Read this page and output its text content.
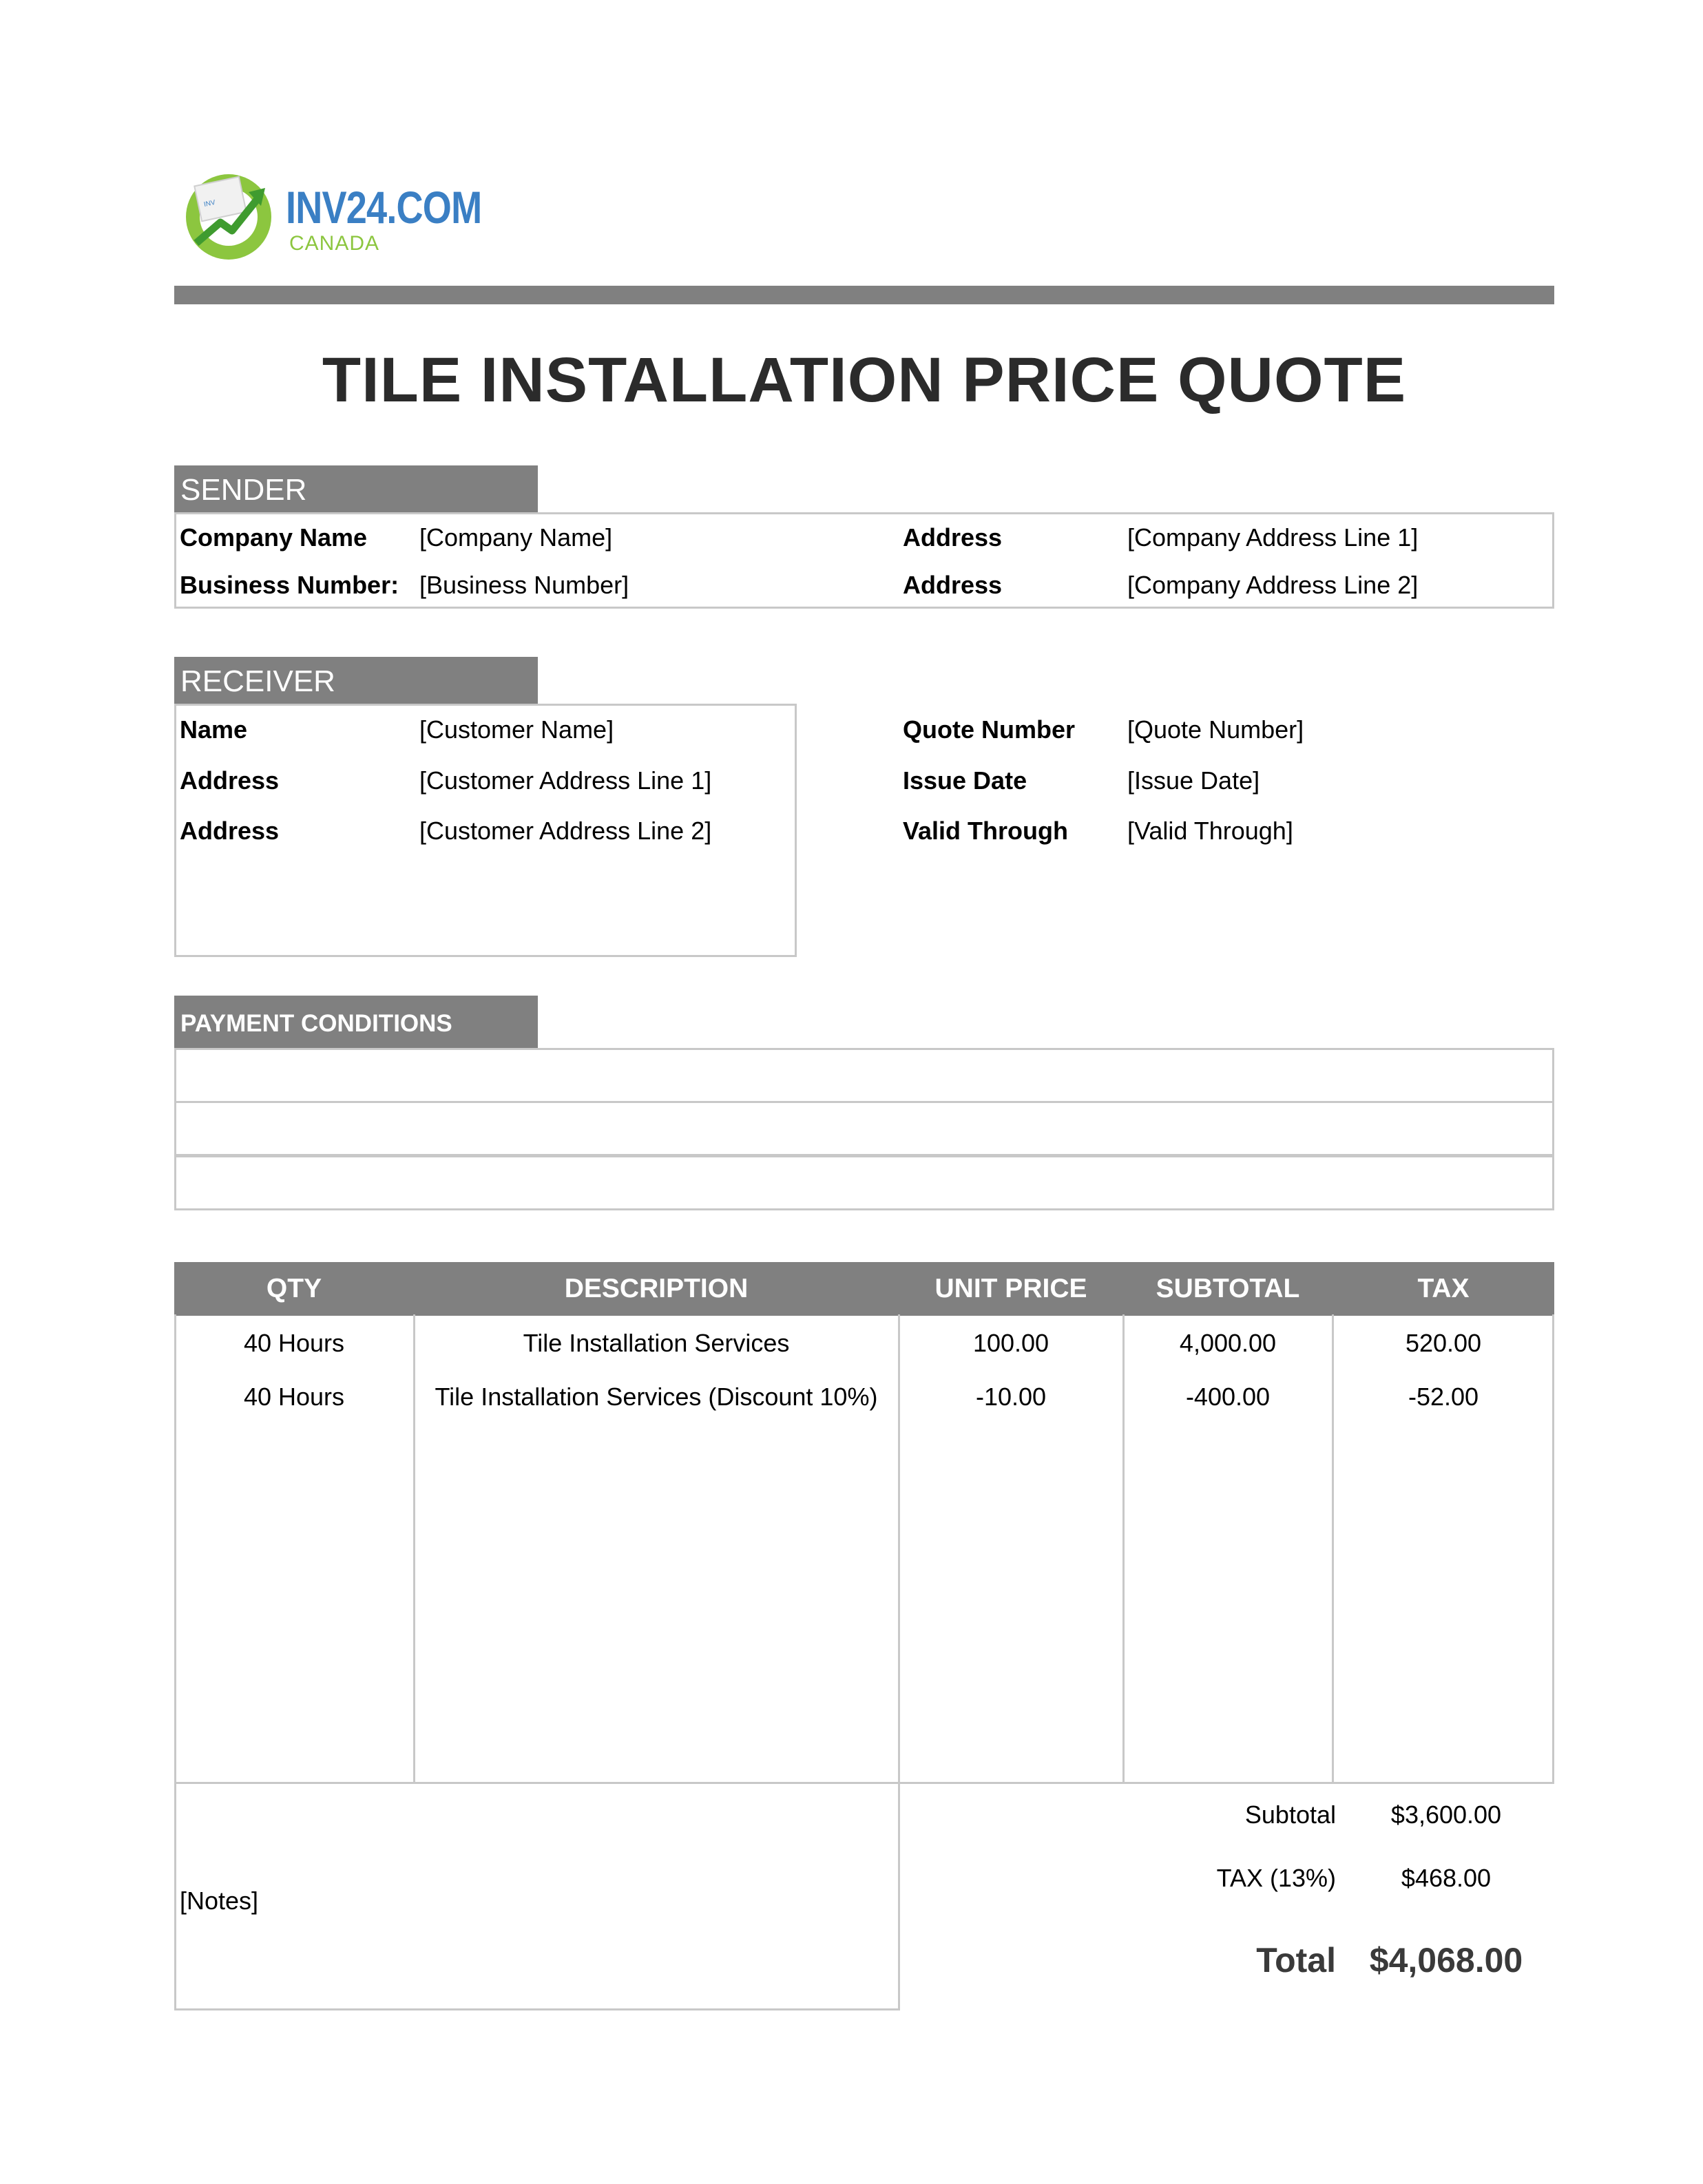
INV INV24.COM
CANADA
TILE INSTALLATION PRICE QUOTE
SENDER
Company Name [Company Name]
Business Number: [Business Number]
Address	[Company Address Line 1]
Address	[Company Address Line 2]
RECEIVER
Name	[Customer Name]
Address	[Customer Address Line 1]
Address	[Customer Address Line 2]
Quote Number [Quote Number]
Issue Date	[Issue Date]
Valid Through [Valid Through]
PAYMENT CONDITIONS
QTY	DESCRIPTION	UNIT PRICE	SUBTOTAL	TAX
40 Hours	Tile Installation Services	100.00	4,000.00	520.00
40 Hours	Tile Installation Services (Discount 10%)	-10.00	-400.00	-52.00
[Notes]
Subtotal	$3,600.00
TAX (13%)	$468.00
Total $4,068.00
